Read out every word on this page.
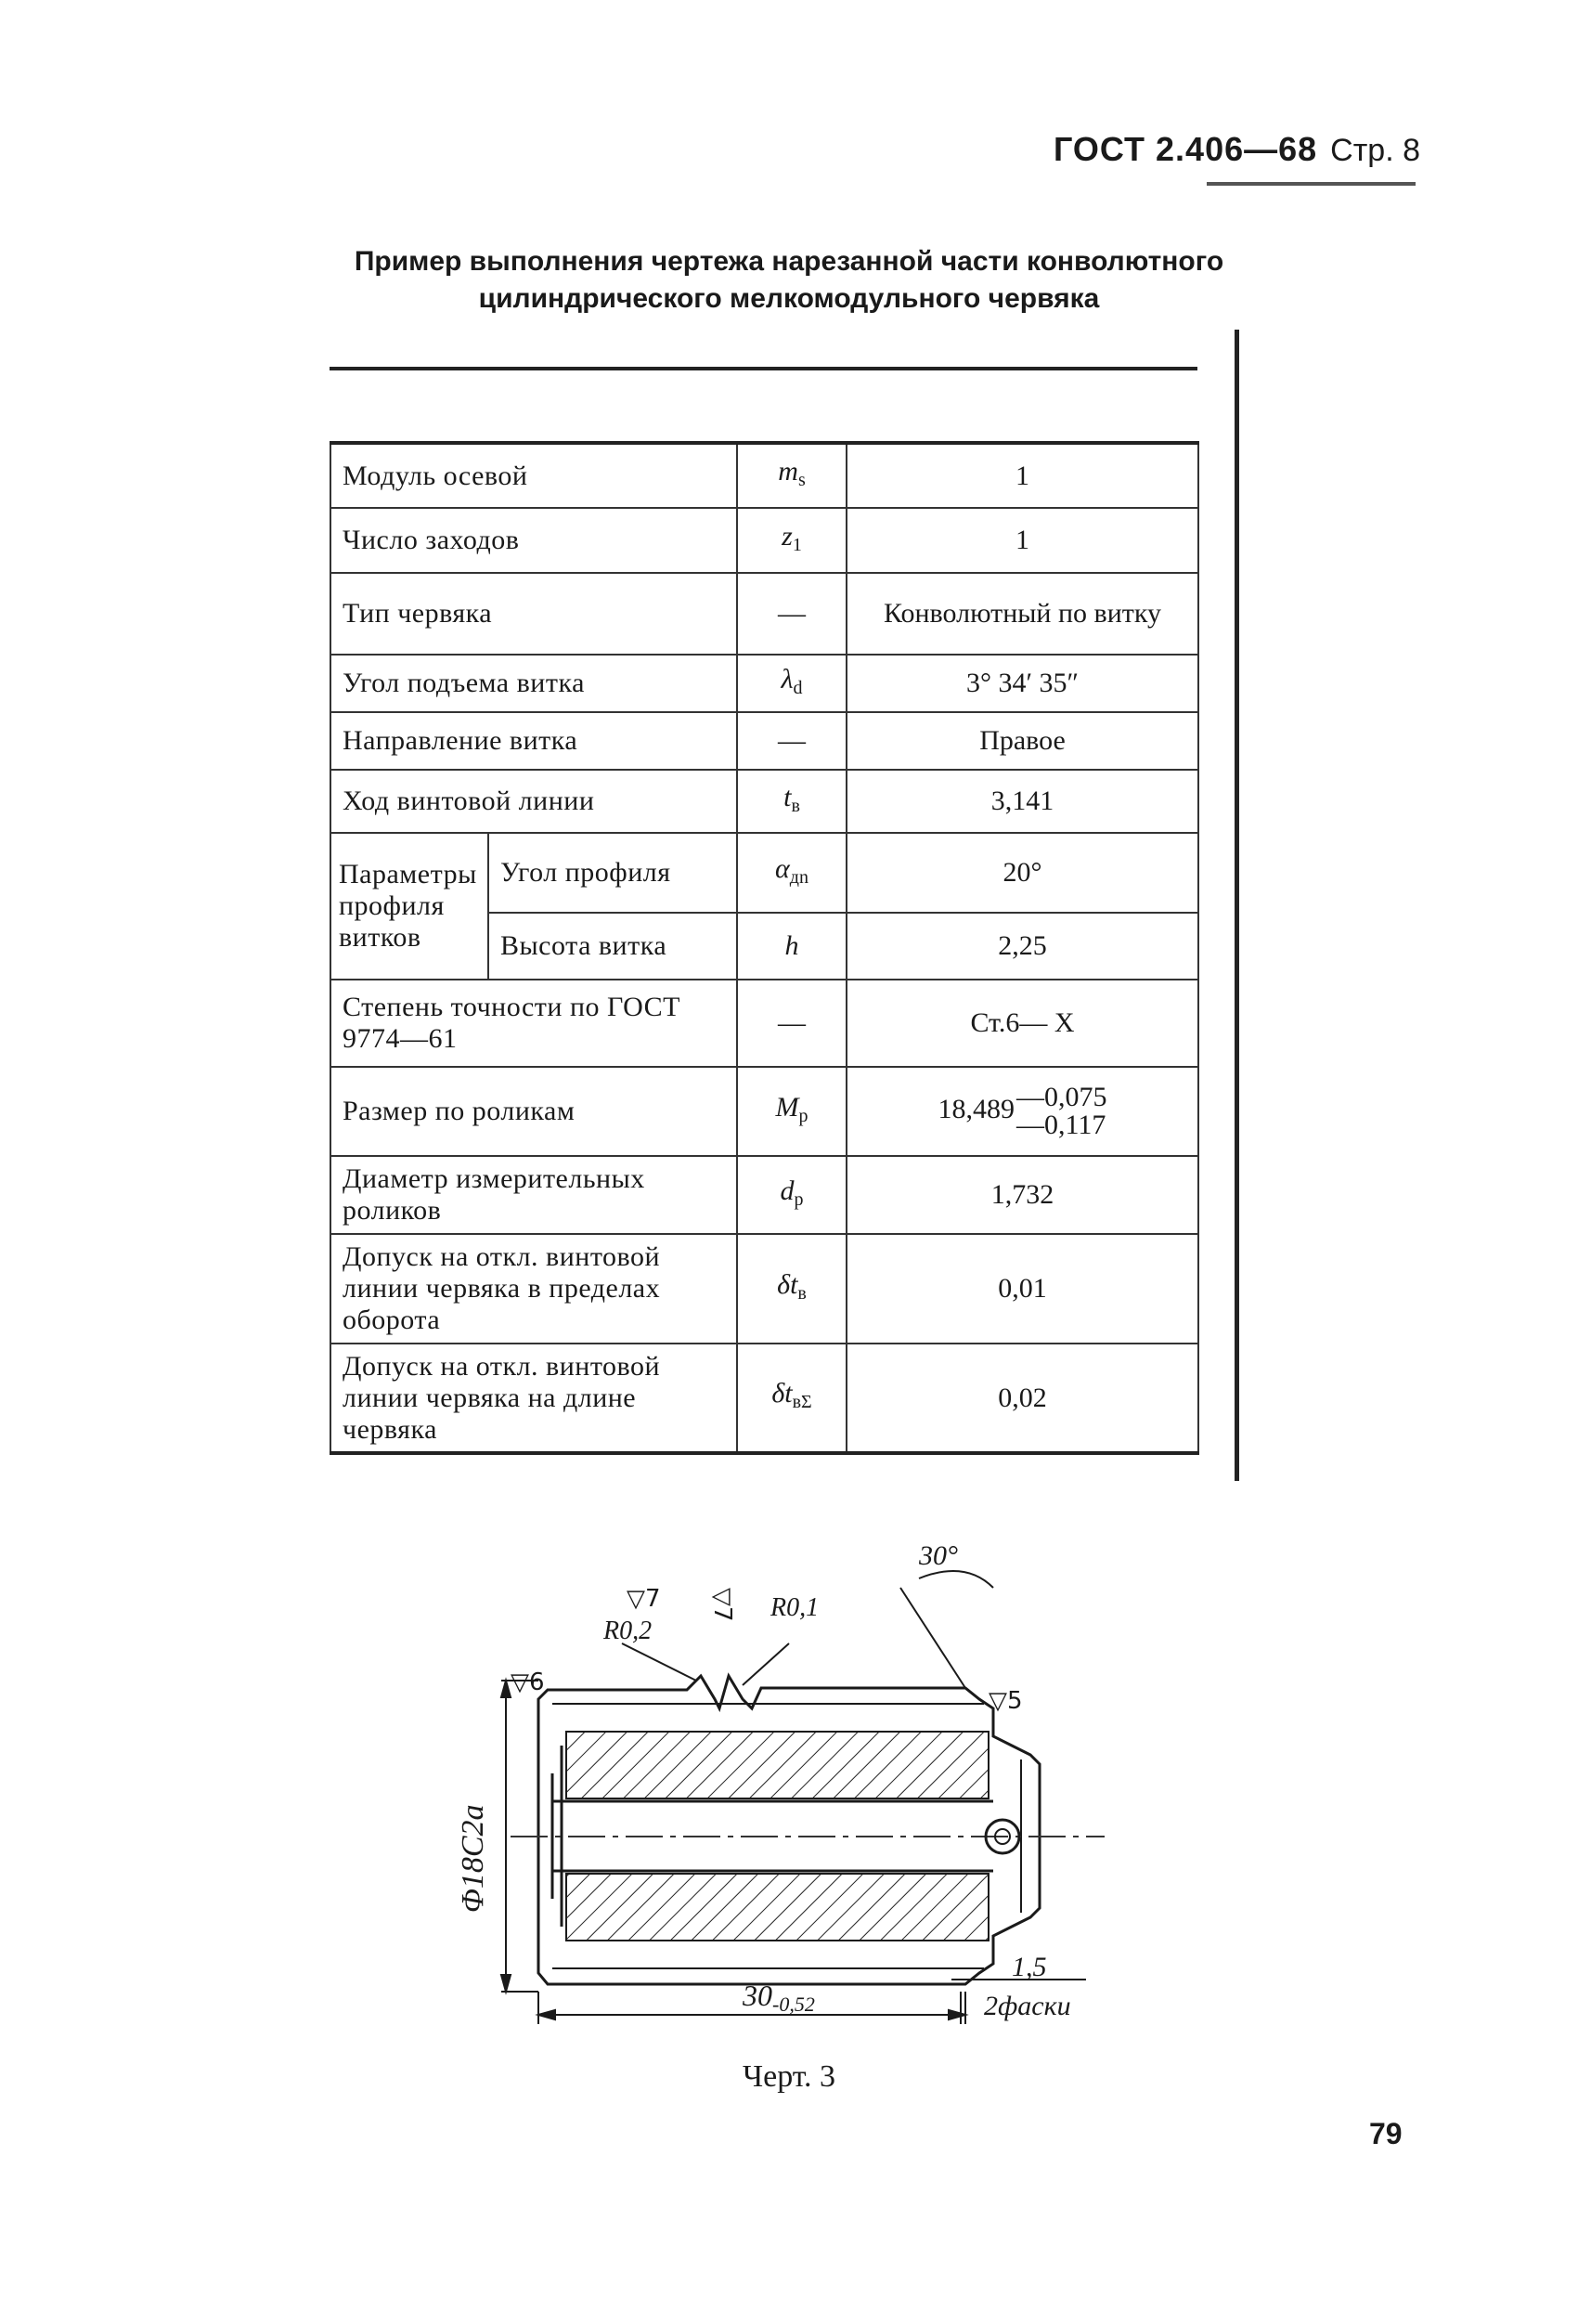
ГОСТ 2.406—68 Стр. 8
Пример выполнения чертежа нарезанной части конволютного
цилиндрического мелкомодульного червяка
Модуль осевой		$m_s$	1
Число заходов		$z_1$	1
Тип червяка		—	Конволютный по витку
Угол подъема витка		$\lambda_d$	3° 34′ 35″
Направление витка		—	Правое
Ход винтовой линии		$t_в$	3,141
Параметры профиля витков	Угол профиля	$\alpha_{дn}$	20°
	Высота витка	h	2,25
Степень точности по ГОСТ 9774—61		—	Ст.6— Х
Размер по роликам		$M_p$	18,489—0,075
—0,117
Диаметр измерительных роликов		$d_p$	1,732
Допуск на откл. винтовой линии червяка в пределах оборота		$\delta t_в$	0,01
Допуск на откл. винтовой линии червяка на длине червяка		$\delta t_{в\Sigma}$	0,02
Φ18C2a
30-0,52
1,5
2фаски
30°
R0,2
R0,1
▽7 ▽7
▽6
▽5
Черт. 3
79
